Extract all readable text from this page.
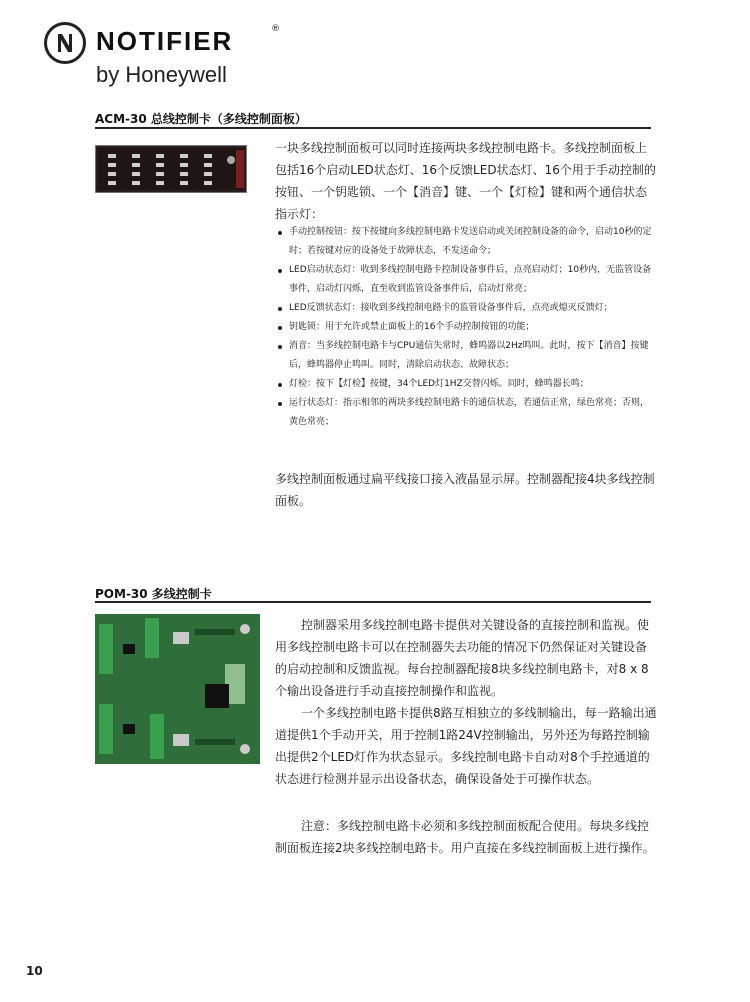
NOTIFIER	®
by Honeywell
ACM-30 总线控制卡（多线控制面板）
一块多线控制面板可以同时连接两块多线控制电路卡。多线控制面板上包括16个启动LED状态灯、16个反馈LED状态灯、16个用于手动控制的按钮、一个钥匙锁、一个【消音】键、一个【灯检】键和两个通信状态指示灯：
手动控制按钮：按下按键向多线控制电路卡发送启动或关闭控制设备的命令，启动10秒的定时；若按键对应的设备处于故障状态，不发送命令；
LED启动状态灯：收到多线控制电路卡控制设备事件后，点亮启动灯；10秒内，无监管设备事件，启动灯闪烁，直至收到监管设备事件后，启动灯常亮；
LED反馈状态灯：接收到多线控制电路卡的监管设备事件后，点亮或熄灭反馈灯；
钥匙锁：用于允许或禁止面板上的16个手动控制按钮的功能；
消音：当多线控制电路卡与CPU通信失常时，蜂鸣器以2Hz鸣叫。此时，按下【消音】按键后，蜂鸣器停止鸣叫。同时，清除启动状态、故障状态；
灯检：按下【灯检】按键，34个LED灯1HZ交替闪烁。同时，蜂鸣器长鸣；
运行状态灯：指示相邻的两块多线控制电路卡的通信状态，若通信正常，绿色常亮；否则，黄色常亮；
多线控制面板通过扁平线接口接入液晶显示屏。控制器配接4块多线控制面板。
POM-30 多线控制卡
控制器采用多线控制电路卡提供对关键设备的直接控制和监视。使用多线控制电路卡可以在控制器失去功能的情况下仍然保证对关键设备的启动控制和反馈监视。每台控制器配接8块多线控制电路卡，对8 x 8个输出设备进行手动直接控制操作和监视。
一个多线控制电路卡提供8路互相独立的多线制输出，每一路输出通道提供1个手动开关，用于控制1路24V控制输出，另外还为每路控制输出提供2个LED灯作为状态显示。多线控制电路卡自动对8个手控通道的状态进行检测并显示出设备状态，确保设备处于可操作状态。
注意：多线控制电路卡必须和多线控制面板配合使用。每块多线控制面板连接2块多线控制电路卡。用户直接在多线控制面板上进行操作。
10
